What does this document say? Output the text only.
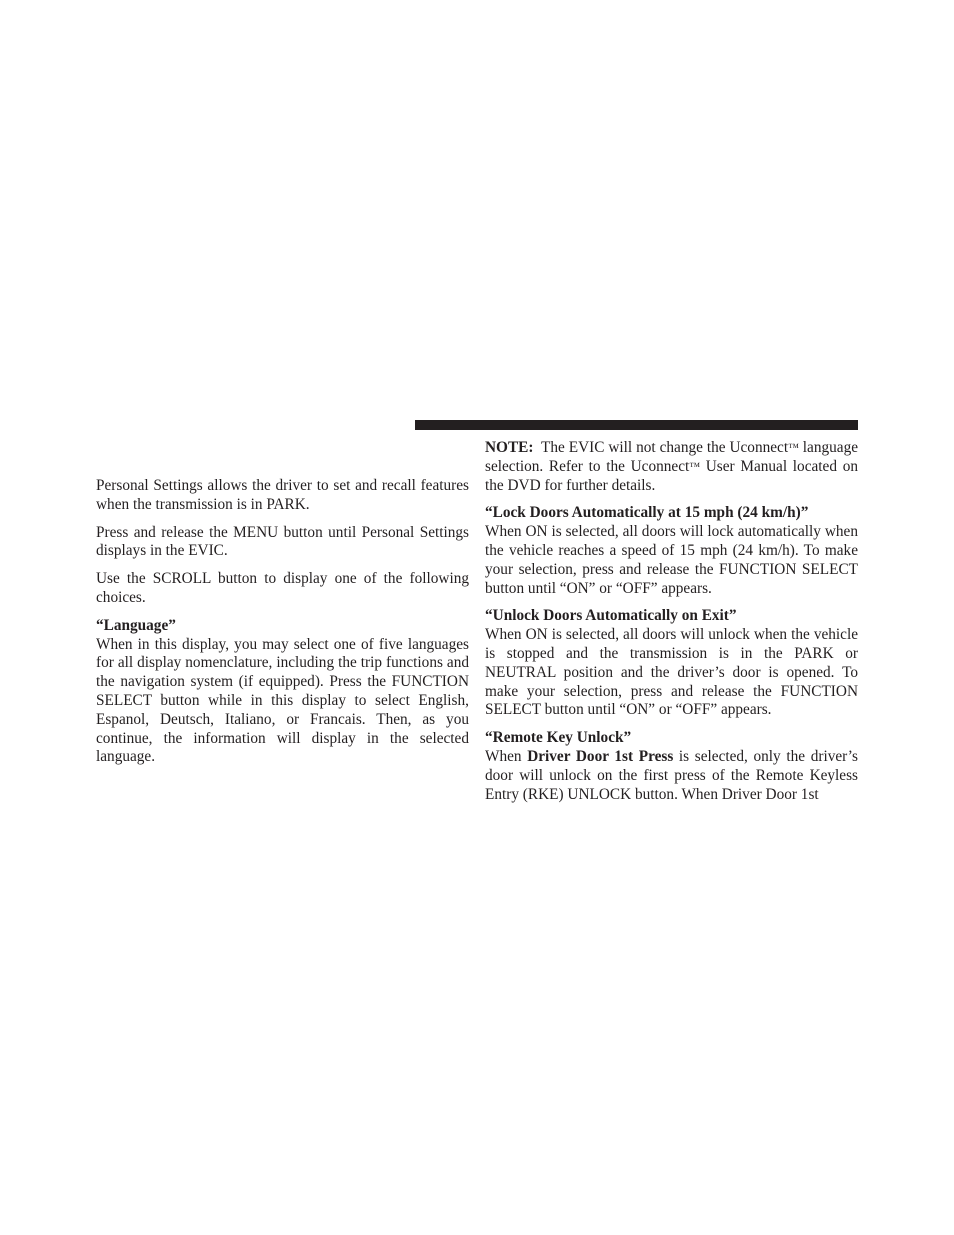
Personal Settings allows the driver to set and recall features when the transmission is in PARK.

Press and release the MENU button until Personal Settings displays in the EVIC.

Use the SCROLL button to display one of the following choices.

“Language”

When in this display, you may select one of five languages for all display nomenclature, including the trip functions and the navigation system (if equipped). Press the FUNCTION SELECT button while in this display to select English, Espanol, Deutsch, Italiano, or Francais. Then, as you continue, the information will display in the selected language.

NOTE: The EVIC will not change the Uconnect™ language selection. Refer to the Uconnect™ User Manual located on the DVD for further details.

“Lock Doors Automatically at 15 mph (24 km/h)”

When ON is selected, all doors will lock automatically when the vehicle reaches a speed of 15 mph (24 km/h). To make your selection, press and release the FUNCTION SELECT button until “ON” or “OFF” appears.

“Unlock Doors Automatically on Exit”

When ON is selected, all doors will unlock when the vehicle is stopped and the transmission is in the PARK or NEUTRAL position and the driver’s door is opened. To make your selection, press and release the FUNCTION SELECT button until “ON” or “OFF” appears.

“Remote Key Unlock”

When Driver Door 1st Press is selected, only the driver’s door will unlock on the first press of the Remote Keyless Entry (RKE) UNLOCK button. When Driver Door 1st
